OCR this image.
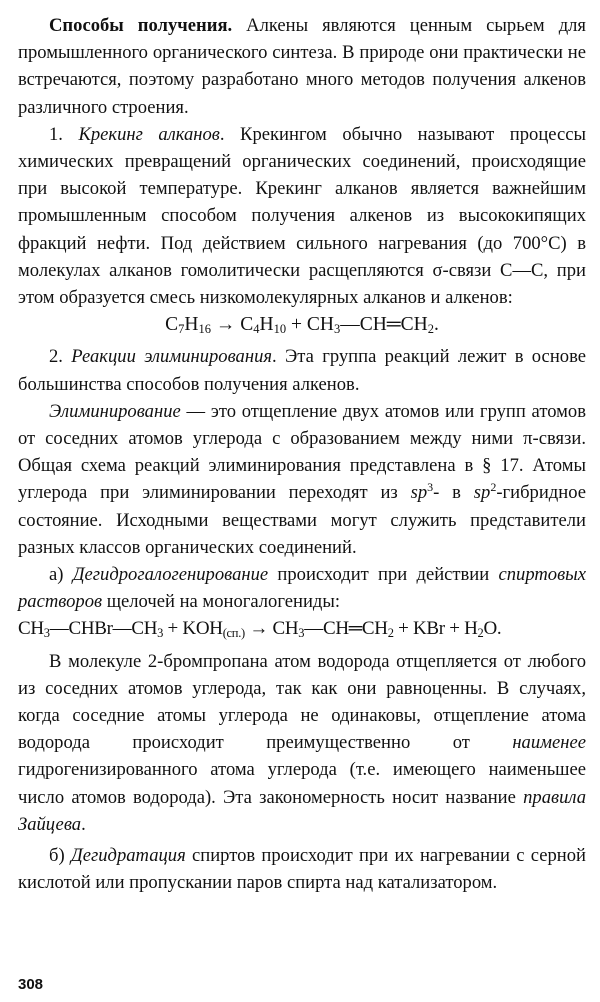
Способы получения. Алкены являются ценным сырьем для промышленного органического синтеза. В природе они практически не встречаются, поэтому разработано много методов получения алкенов различного строения.

1. Крекинг алканов. Крекингом обычно называют процессы химических превращений органических соединений, происходящие при высокой температуре. Крекинг алканов является важнейшим промышленным способом получения алкенов из высококипящих фракций нефти. Под действием сильного нагревания (до 700°С) в молекулах алканов гомолитически расщепляются σ-связи С—С, при этом образуется смесь низкомолекулярных алканов и алкенов:

$C_7H_{16} \to C_4H_{10}$ + $CH_3—CH═CH_2$.

2. Реакции элиминирования. Эта группа реакций лежит в основе большинства способов получения алкенов.

Элиминирование — это отщепление двух атомов или групп атомов от соседних атомов углерода с образованием между ними π-связи. Общая схема реакций элиминирования представлена в § 17. Атомы углерода при элиминировании переходят из $sp^3-$ в $sp^2$-гибридное состояние. Исходными веществами могут служить представители разных классов органических соединений.

а) Дегидрогалогенирование происходит при действии спиртовых растворов щелочей на моногалогениды:

$CH_3—CHBr—CH_3 + KOH_{(сп.)}$ → $CH_3—CH═CH_2$ + KBr + $H_2O$.

В молекуле 2-бромпропана атом водорода отщепляется от любого из соседних атомов углерода, так как они равноценны. В случаях, когда соседние атомы углерода не одинаковы, отщепление атома водорода происходит преимущественно от наименее гидрогенизированного атома углерода (т.е. имеющего наименьшее число атомов водорода). Эта закономерность носит название правила Зайцева.

б) Дегидратация спиртов происходит при их нагревании с серной кислотой или пропускании паров спирта над катализатором.

308
